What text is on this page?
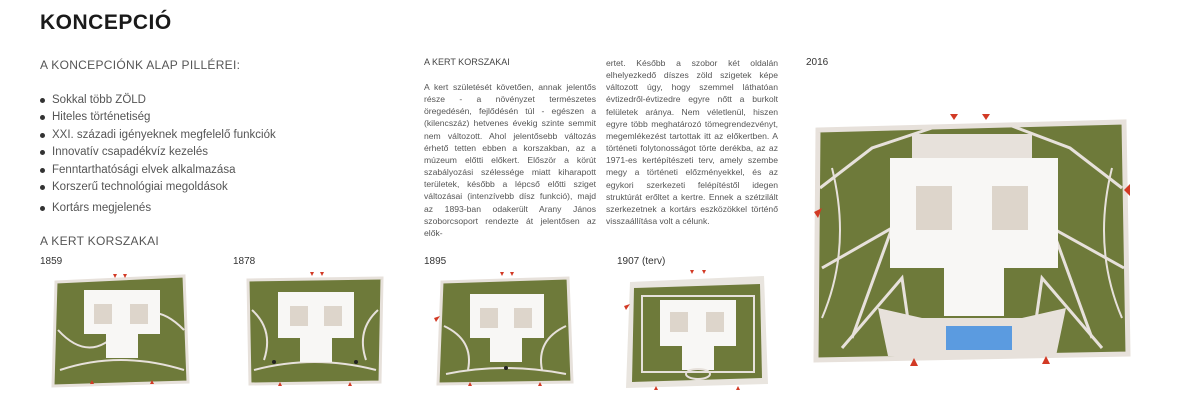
KONCEPCIÓ
A KONCEPCIÓNK ALAP PILLÉREI:
Sokkal több ZÖLD
Hiteles történetiség
XXI. századi igényeknek megfelelő funkciók
Innovatív csapadékvíz kezelés
Fenntarthatósági elvek alkalmazása
Korszerű technológiai megoldások
Kortárs megjelenés
A KERT KORSZAKAI
A KERT KORSZAKAI

A kert születését követően, annak jelentős része - a növényzet természetes öregedésén, fejlődésén túl - egészen a (kilencszáz) hetvenes évekig szinte semmit nem változott. Ahol jelentősebb változás érhető tetten ebben a korszakban, az a múzeum előtti előkert. Először a körút szabályozási szélessége miatt kiharapott területek, később a lépcső előtti sziget változásai (intenzívebb dísz funkció), majd az 1893-ban odakerült Arany János szoborcsoport rendezte át jelentősen az elők-

ertet. Később a szobor két oldalán elhelyezkedő díszes zöld szigetek képe változott úgy, hogy szemmel láthatóan évtizedről-évtizedre egyre nőtt a burkolt felületek aránya. Nem véletlenül, hiszen egyre több meghatározó tömegrendezvényt, megemlékezést tartottak itt az előkertben. A történeti folytonosságot törte derékba, az az 1971-es kertépítészeti terv, amely szembe megy a történeti előzményekkel, és az egykori szerkezeti felépítéstől idegen struktúrát erőltet a kertre. Ennek a szétzilált szerkezetnek a kortárs eszközökkel történő visszaállítása volt a célunk.

1859	1878	1895	1907 (terv)
2016
